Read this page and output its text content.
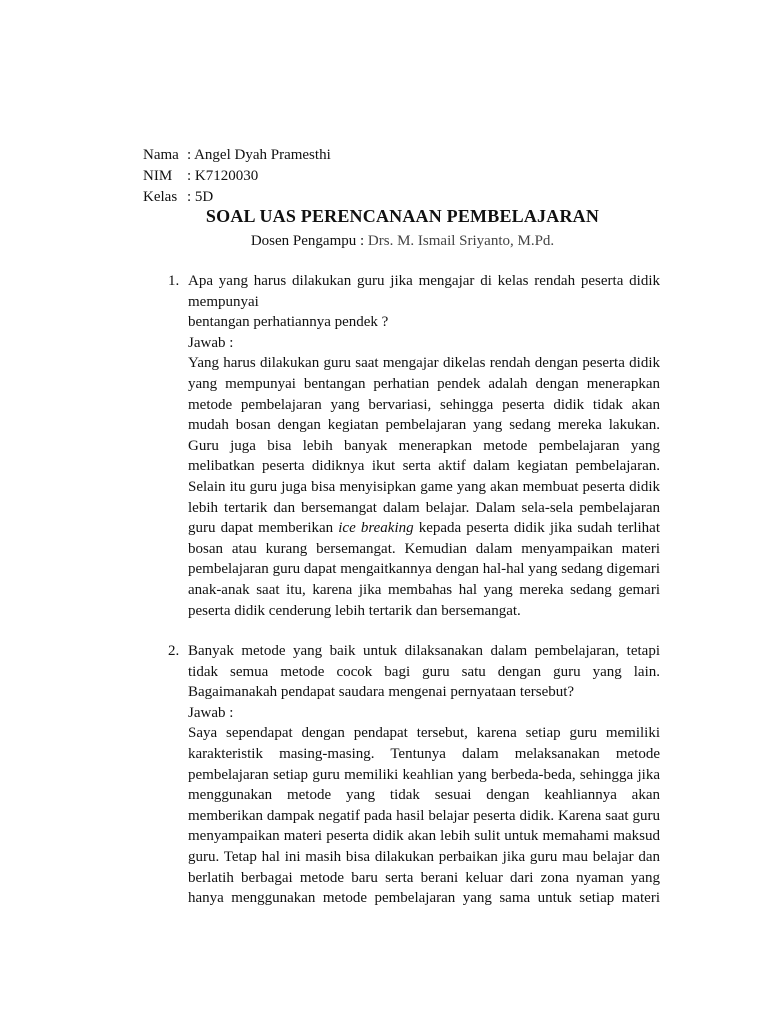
Nama : Angel Dyah Pramesthi
NIM : K7120030
Kelas : 5D
SOAL UAS PERENCANAAN PEMBELAJARAN
Dosen Pengampu : Drs. M. Ismail Sriyanto, M.Pd.
1. Apa yang harus dilakukan guru jika mengajar di kelas rendah peserta didik
mempunyai
bentangan perhatiannya pendek ?
Jawab :
Yang harus dilakukan guru saat mengajar dikelas rendah dengan peserta didik
yang mempunyai bentangan perhatian pendek adalah dengan menerapkan
metode pembelajaran yang bervariasi, sehingga peserta didik tidak akan
mudah bosan dengan kegiatan pembelajaran yang sedang mereka lakukan.
Guru juga bisa lebih banyak menerapkan metode pembelajaran yang
melibatkan peserta didiknya ikut serta aktif dalam kegiatan pembelajaran.
Selain itu guru juga bisa menyisipkan game yang akan membuat peserta didik
lebih tertarik dan bersemangat dalam belajar. Dalam sela-sela pembelajaran
guru dapat memberikan ice breaking kepada peserta didik jika sudah terlihat
bosan atau kurang bersemangat. Kemudian dalam menyampaikan materi
pembelajaran guru dapat mengaitkannya dengan hal-hal yang sedang digemari
anak-anak saat itu, karena jika membahas hal yang mereka sedang gemari
peserta didik cenderung lebih tertarik dan bersemangat.
2. Banyak metode yang baik untuk dilaksanakan dalam pembelajaran, tetapi
tidak semua metode cocok bagi guru satu dengan guru yang lain.
Bagaimanakah pendapat saudara mengenai pernyataan tersebut?
Jawab :
Saya sependapat dengan pendapat tersebut, karena setiap guru memiliki
karakteristik masing-masing. Tentunya dalam melaksanakan metode
pembelajaran setiap guru memiliki keahlian yang berbeda-beda, sehingga jika
menggunakan metode yang tidak sesuai dengan keahliannya akan
memberikan dampak negatif pada hasil belajar peserta didik. Karena saat guru
menyampaikan materi peserta didik akan lebih sulit untuk memahami maksud
guru. Tetap hal ini masih bisa dilakukan perbaikan jika guru mau belajar dan
berlatih berbagai metode baru serta berani keluar dari zona nyaman yang
hanya menggunakan metode pembelajaran yang sama untuk setiap materi
